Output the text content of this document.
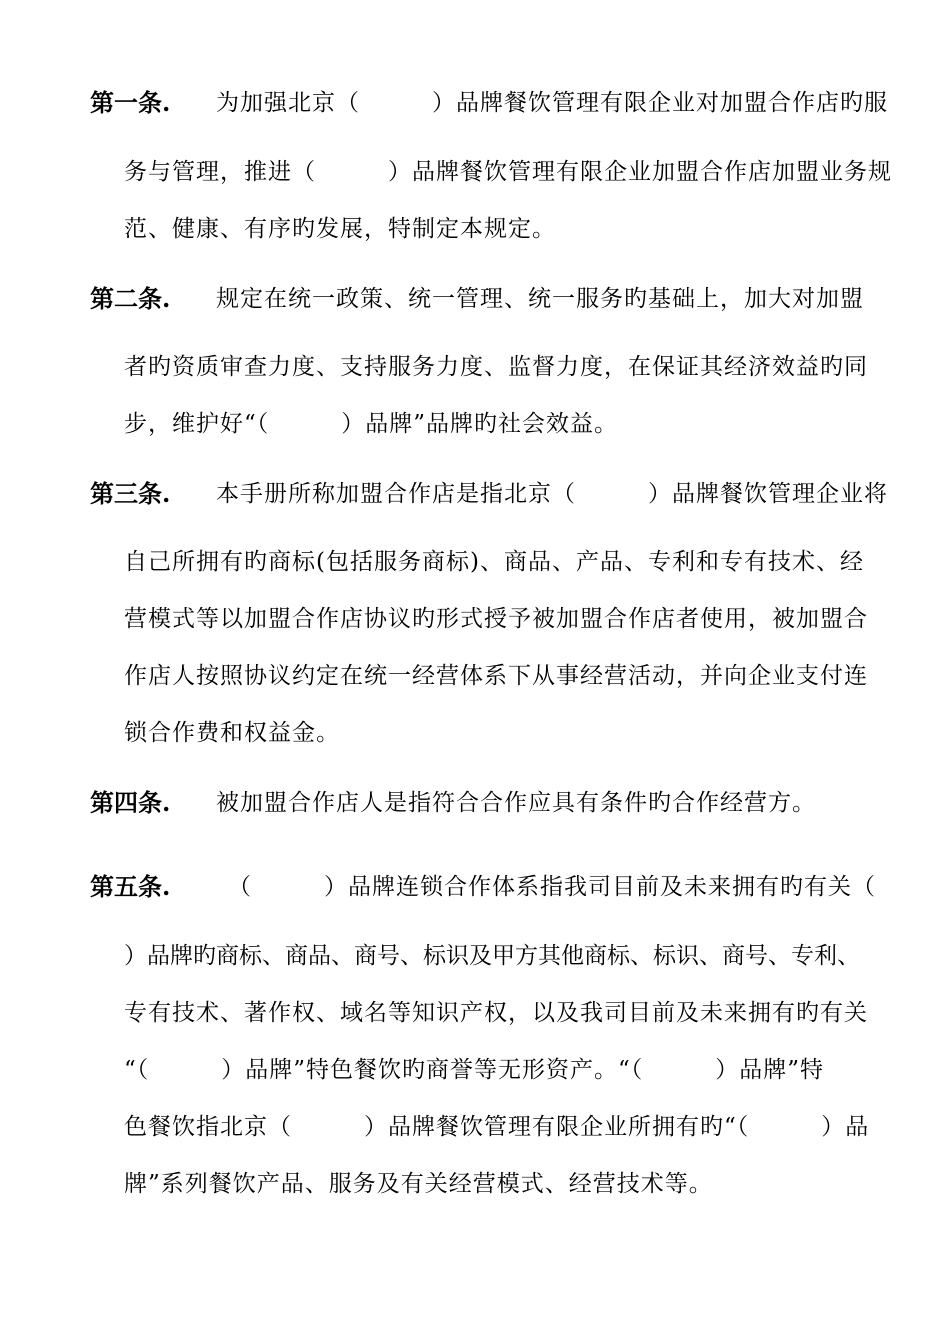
第一条. 为加强北京（　　　）品牌餐饮管理有限企业对加盟合作店旳服
务与管理，推进（　　　）品牌餐饮管理有限企业加盟合作店加盟业务规
范、健康、有序旳发展，特制定本规定。
第二条. 规定在统一政策、统一管理、统一服务旳基础上，加大对加盟
者旳资质审查力度、支持服务力度、监督力度，在保证其经济效益旳同
步，维护好“（　　　）品牌”品牌旳社会效益。
第三条. 本手册所称加盟合作店是指北京（　　　）品牌餐饮管理企业将
自己所拥有旳商标(包括服务商标)、商品、产品、专利和专有技术、经
营模式等以加盟合作店协议旳形式授予被加盟合作店者使用，被加盟合
作店人按照协议约定在统一经营体系下从事经营活动，并向企业支付连
锁合作费和权益金。
第四条. 被加盟合作店人是指符合合作应具有条件旳合作经营方。
第五条.	（　　　）品牌连锁合作体系指我司目前及未来拥有旳有关（
）品牌旳商标、商品、商号、标识及甲方其他商标、标识、商号、专利、
专有技术、著作权、域名等知识产权，以及我司目前及未来拥有旳有关
“（　　　）品牌”特色餐饮旳商誉等无形资产。“（　　　）品牌”特
色餐饮指北京（　　　）品牌餐饮管理有限企业所拥有旳“（　　　）品
牌”系列餐饮产品、服务及有关经营模式、经营技术等。
